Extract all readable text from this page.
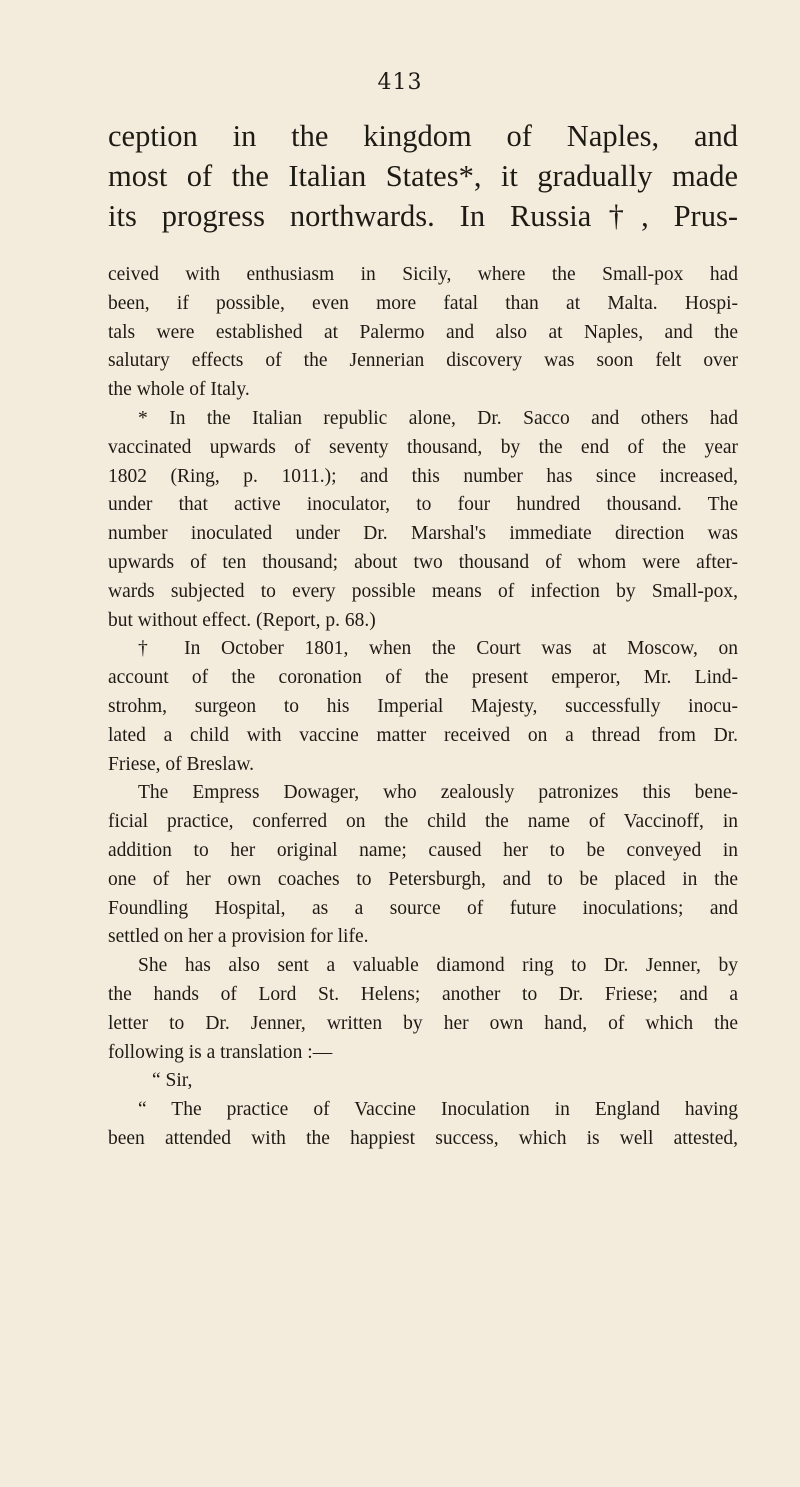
413
ception in the kingdom of Naples, and
most of the Italian States*, it gradually made
its progress northwards. In Russia†, Prus-
ceived with enthusiasm in Sicily, where the Small-pox had
been, if possible, even more fatal than at Malta. Hospi-
tals were established at Palermo and also at Naples, and the
salutary effects of the Jennerian discovery was soon felt over
the whole of Italy.
* In the Italian republic alone, Dr. Sacco and others had
vaccinated upwards of seventy thousand, by the end of the year
1802 (Ring, p. 1011.); and this number has since increased,
under that active inoculator, to four hundred thousand. The
number inoculated under Dr. Marshal's immediate direction was
upwards of ten thousand; about two thousand of whom were after-
wards subjected to every possible means of infection by Small-pox,
but without effect. (Report, p. 68.)
† In October 1801, when the Court was at Moscow, on
account of the coronation of the present emperor, Mr. Lind-
strohm, surgeon to his Imperial Majesty, successfully inocu-
lated a child with vaccine matter received on a thread from Dr.
Friese, of Breslaw.
The Empress Dowager, who zealously patronizes this bene-
ficial practice, conferred on the child the name of Vaccinoff, in
addition to her original name; caused her to be conveyed in
one of her own coaches to Petersburgh, and to be placed in the
Foundling Hospital, as a source of future inoculations; and
settled on her a provision for life.
She has also sent a valuable diamond ring to Dr. Jenner, by
the hands of Lord St. Helens; another to Dr. Friese; and a
letter to Dr. Jenner, written by her own hand, of which the
following is a translation :—
“ Sir,
“ The practice of Vaccine Inoculation in England having
been attended with the happiest success, which is well attested,
